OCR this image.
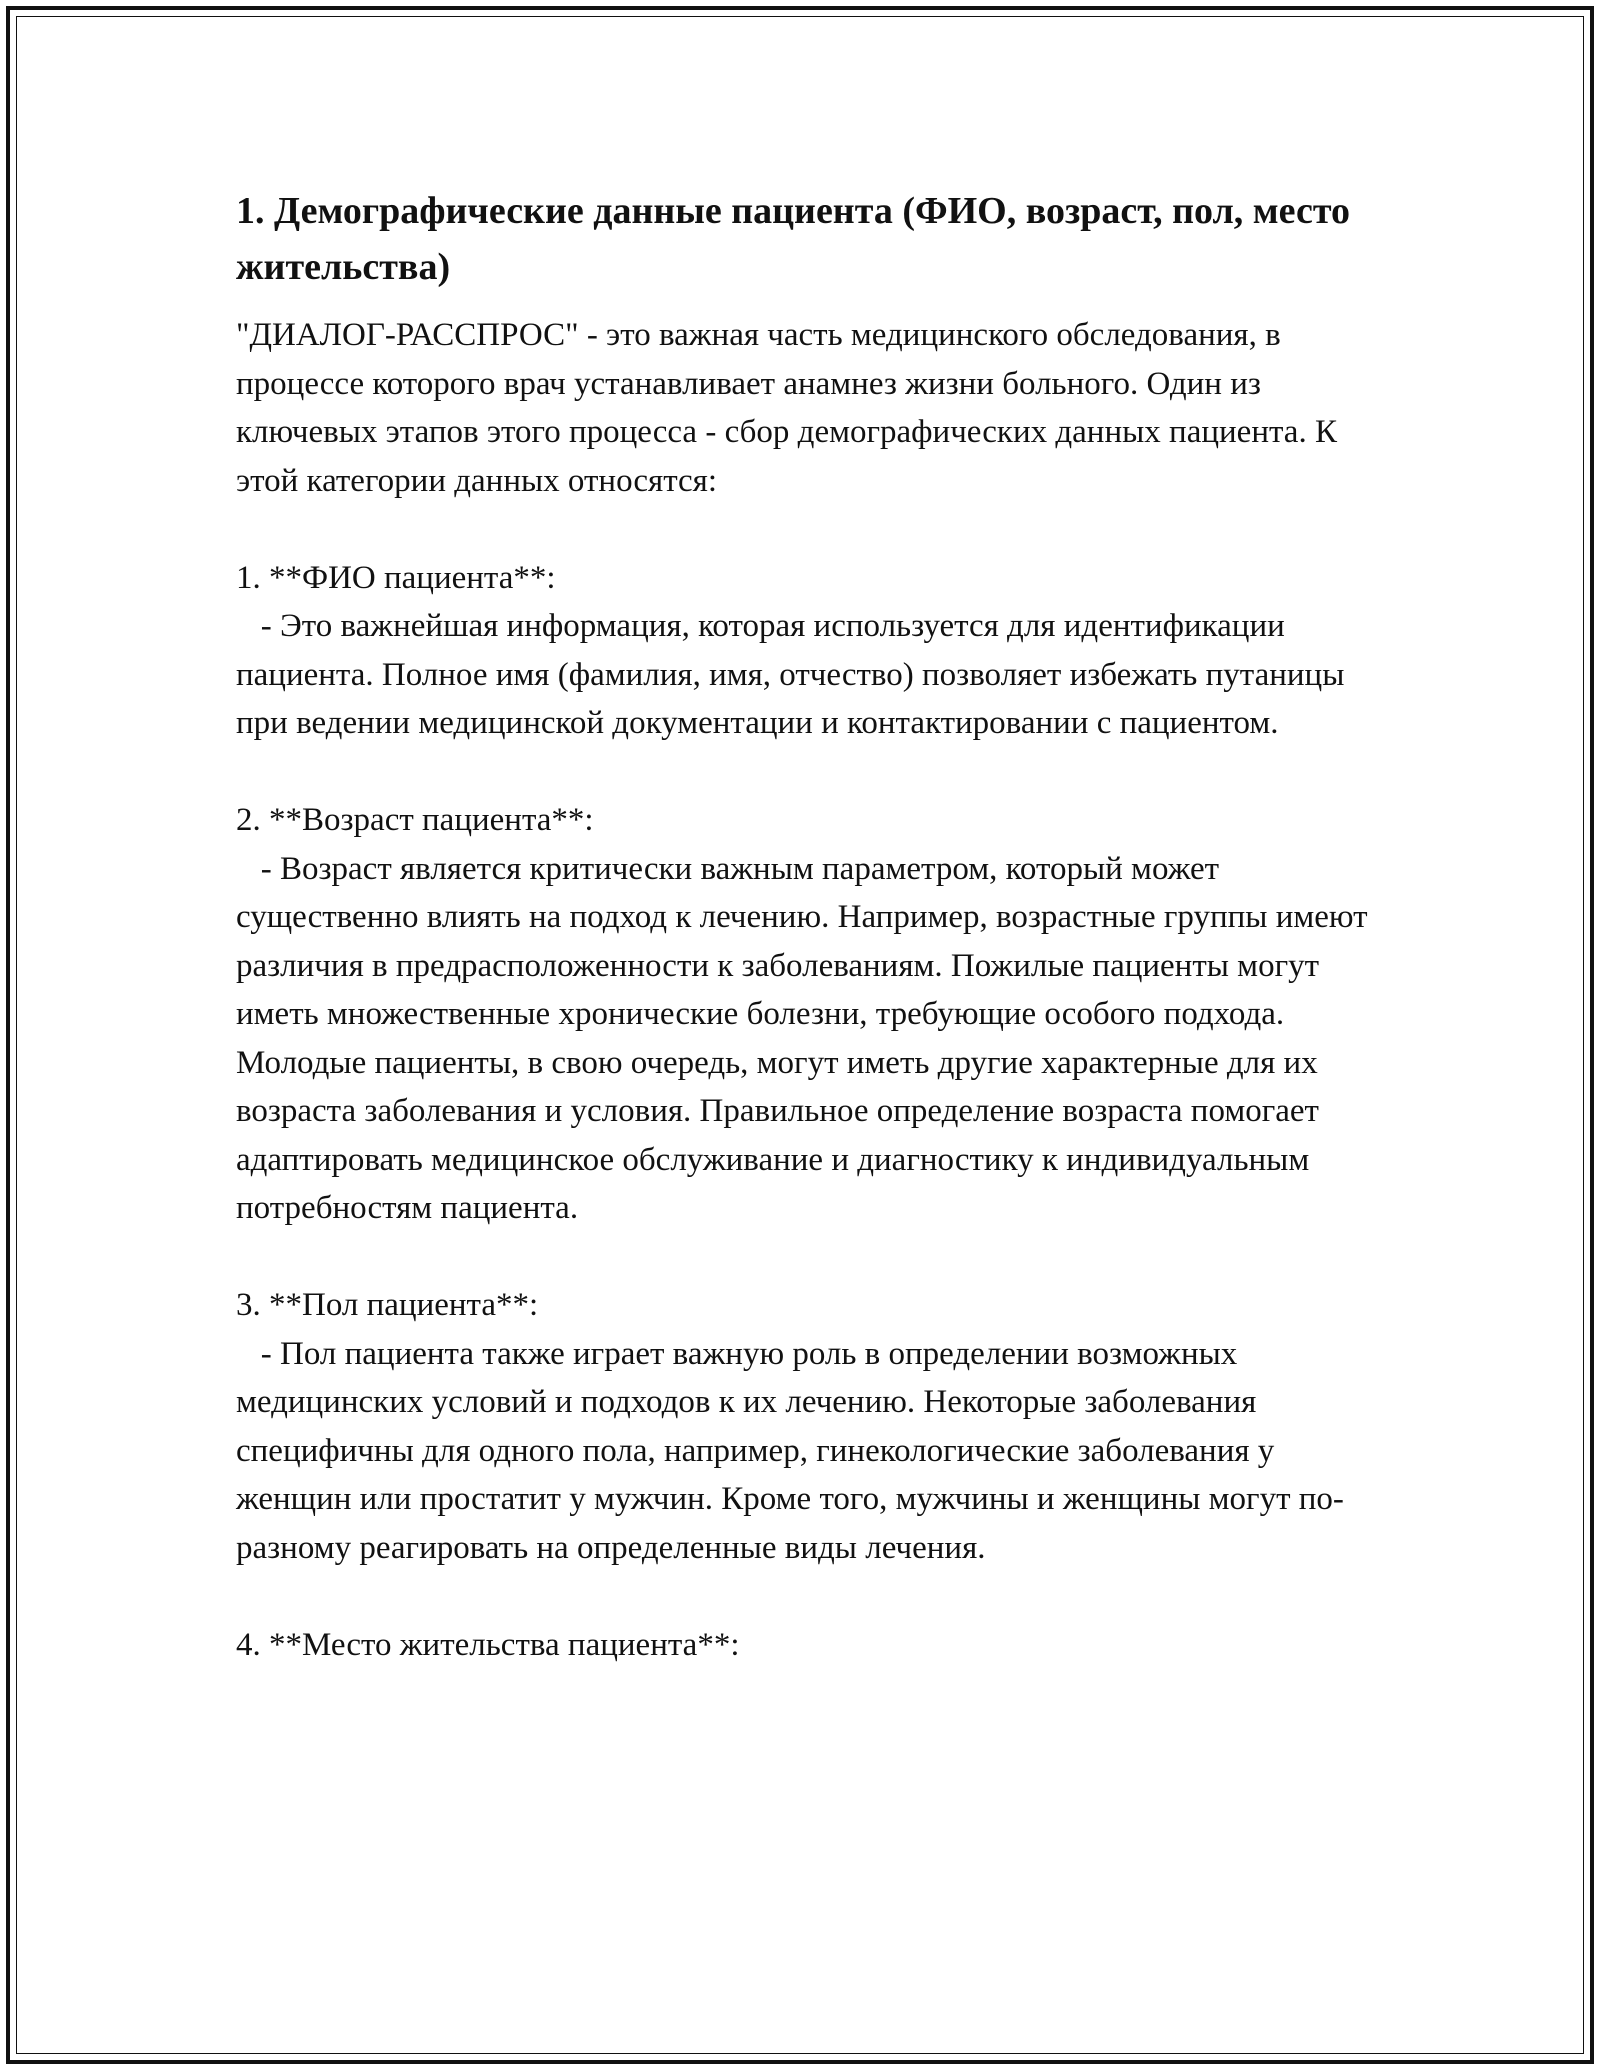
1. Демографические данные пациента (ФИО, возраст, пол, место жительства)
"ДИАЛОГ-РАССПРОС" - это важная часть медицинского обследования, в процессе которого врач устанавливает анамнез жизни больного. Один из ключевых этапов этого процесса - сбор демографических данных пациента. К этой категории данных относятся:

1. **ФИО пациента**:
- Это важнейшая информация, которая используется для идентификации пациента. Полное имя (фамилия, имя, отчество) позволяет избежать путаницы при ведении медицинской документации и контактировании с пациентом.

2. **Возраст пациента**:
- Возраст является критически важным параметром, который может существенно влиять на подход к лечению. Например, возрастные группы имеют различия в предрасположенности к заболеваниям. Пожилые пациенты могут иметь множественные хронические болезни, требующие особого подхода. Молодые пациенты, в свою очередь, могут иметь другие характерные для их возраста заболевания и условия. Правильное определение возраста помогает адаптировать медицинское обслуживание и диагностику к индивидуальным потребностям пациента.

3. **Пол пациента**:
- Пол пациента также играет важную роль в определении возможных медицинских условий и подходов к их лечению. Некоторые заболевания специфичны для одного пола, например, гинекологические заболевания у женщин или простатит у мужчин. Кроме того, мужчины и женщины могут по-разному реагировать на определенные виды лечения.

4. **Место жительства пациента**:
